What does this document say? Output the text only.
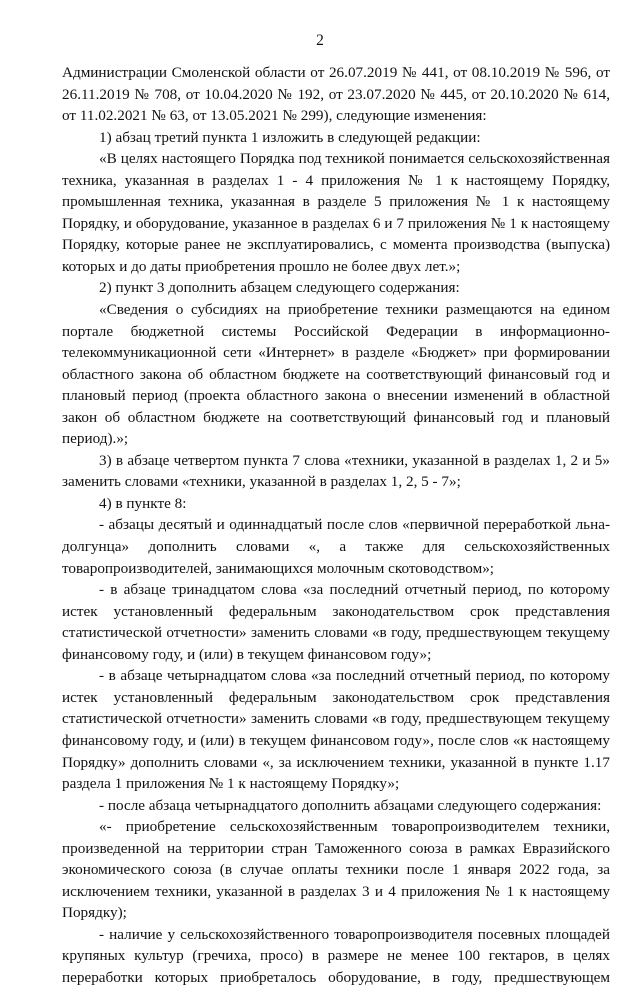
2

Администрации Смоленской области от 26.07.2019 № 441, от 08.10.2019 № 596, от 26.11.2019 № 708, от 10.04.2020 № 192, от 23.07.2020 № 445, от 20.10.2020 № 614, от 11.02.2021 № 63, от 13.05.2021 № 299), следующие изменения:

1) абзац третий пункта 1 изложить в следующей редакции:

«В целях настоящего Порядка под техникой понимается сельскохозяйственная техника, указанная в разделах 1 - 4 приложения № 1 к настоящему Порядку, промышленная техника, указанная в разделе 5 приложения № 1 к настоящему Порядку, и оборудование, указанное в разделах 6 и 7 приложения № 1 к настоящему Порядку, которые ранее не эксплуатировались, с момента производства (выпуска) которых и до даты приобретения прошло не более двух лет.»;

2) пункт 3 дополнить абзацем следующего содержания:

«Сведения о субсидиях на приобретение техники размещаются на едином портале бюджетной системы Российской Федерации в информационно-телекоммуникационной сети «Интернет» в разделе «Бюджет» при формировании областного закона об областном бюджете на соответствующий финансовый год и плановый период (проекта областного закона о внесении изменений в областной закон об областном бюджете на соответствующий финансовый год и плановый период).»;

3) в абзаце четвертом пункта 7 слова «техники, указанной в разделах 1, 2 и 5» заменить словами «техники, указанной в разделах 1, 2, 5 - 7»;

4) в пункте 8:

- абзацы десятый и одиннадцатый после слов «первичной переработкой льна-долгунца» дополнить словами «, а также для сельскохозяйственных товаропроизводителей, занимающихся молочным скотоводством»;

- в абзаце тринадцатом слова «за последний отчетный период, по которому истек установленный федеральным законодательством срок представления статистической отчетности» заменить словами «в году, предшествующем текущему финансовому году, и (или) в текущем финансовом году»;

- в абзаце четырнадцатом слова «за последний отчетный период, по которому истек установленный федеральным законодательством срок представления статистической отчетности» заменить словами «в году, предшествующем текущему финансовому году, и (или) в текущем финансовом году», после слов «к настоящему Порядку» дополнить словами «, за исключением техники, указанной в пункте 1.17 раздела 1 приложения № 1 к настоящему Порядку»;

- после абзаца четырнадцатого дополнить абзацами следующего содержания:

«- приобретение сельскохозяйственным товаропроизводителем техники, произведенной на территории стран Таможенного союза в рамках Евразийского экономического союза (в случае оплаты техники после 1 января 2022 года, за исключением техники, указанной в разделах 3 и 4 приложения № 1 к настоящему Порядку);

- наличие у сельскохозяйственного товаропроизводителя посевных площадей крупяных культур (гречиха, просо) в размере не менее 100 гектаров, в целях переработки которых приобреталось оборудование, в году, предшествующем
